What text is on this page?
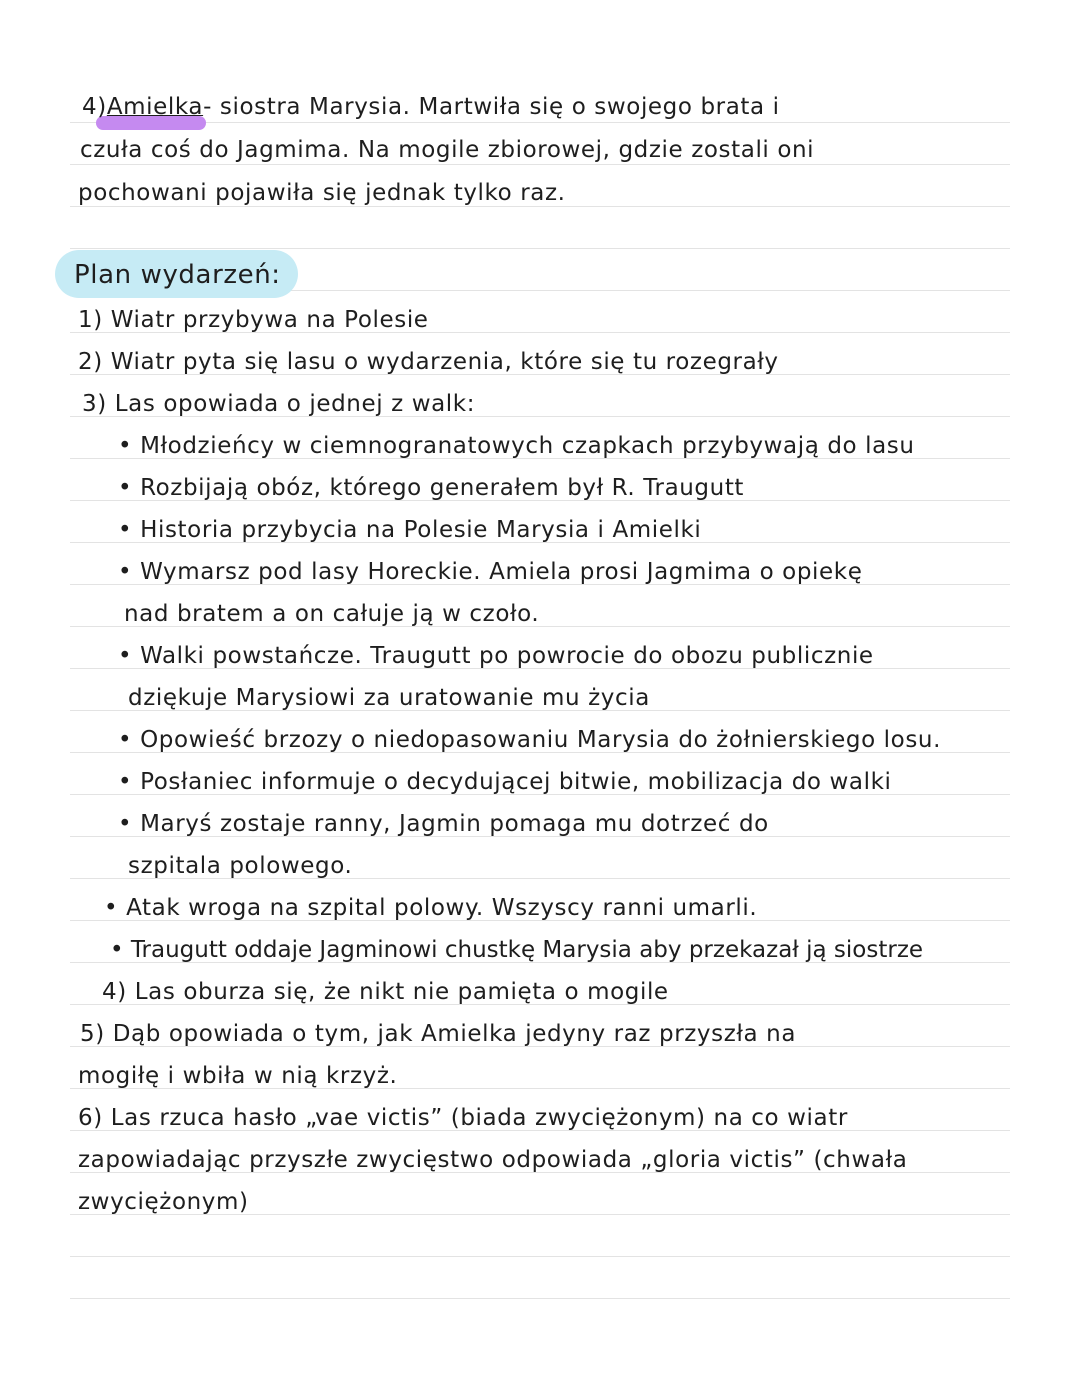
4)Amielka- siostra Marysia. Martwiła się o swojego brata i
czuła coś do Jagmima. Na mogile zbiorowej, gdzie zostali oni
pochowani pojawiła się jednak tylko raz.
Plan wydarzeń:
1) Wiatr przybywa na Polesie
2) Wiatr pyta się lasu o wydarzenia, które się tu rozegrały
3) Las opowiada o jednej z walk:
• Młodzieńcy w ciemnogranatowych czapkach przybywają do lasu
• Rozbijają obóz, którego generałem był R. Traugutt
• Historia przybycia na Polesie Marysia i Amielki
• Wymarsz pod lasy Horeckie. Amiela prosi Jagmima o opiekę
nad bratem a on całuje ją w czoło.
• Walki powstańcze. Traugutt po powrocie do obozu publicznie
dziękuje Marysiowi za uratowanie mu życia
• Opowieść brzozy o niedopasowaniu Marysia do żołnierskiego losu.
• Posłaniec informuje o decydującej bitwie, mobilizacja do walki
• Maryś zostaje ranny, Jagmin pomaga mu dotrzeć do
szpitala polowego.
• Atak wroga na szpital polowy. Wszyscy ranni umarli.
• Traugutt oddaje Jagminowi chustkę Marysia aby przekazał ją siostrze
4) Las oburza się, że nikt nie pamięta o mogile
5) Dąb opowiada o tym, jak Amielka jedyny raz przyszła na
mogiłę i wbiła w nią krzyż.
6) Las rzuca hasło „vae victis” (biada zwyciężonym) na co wiatr
zapowiadając przyszłe zwycięstwo odpowiada „gloria victis” (chwała
zwyciężonym)
